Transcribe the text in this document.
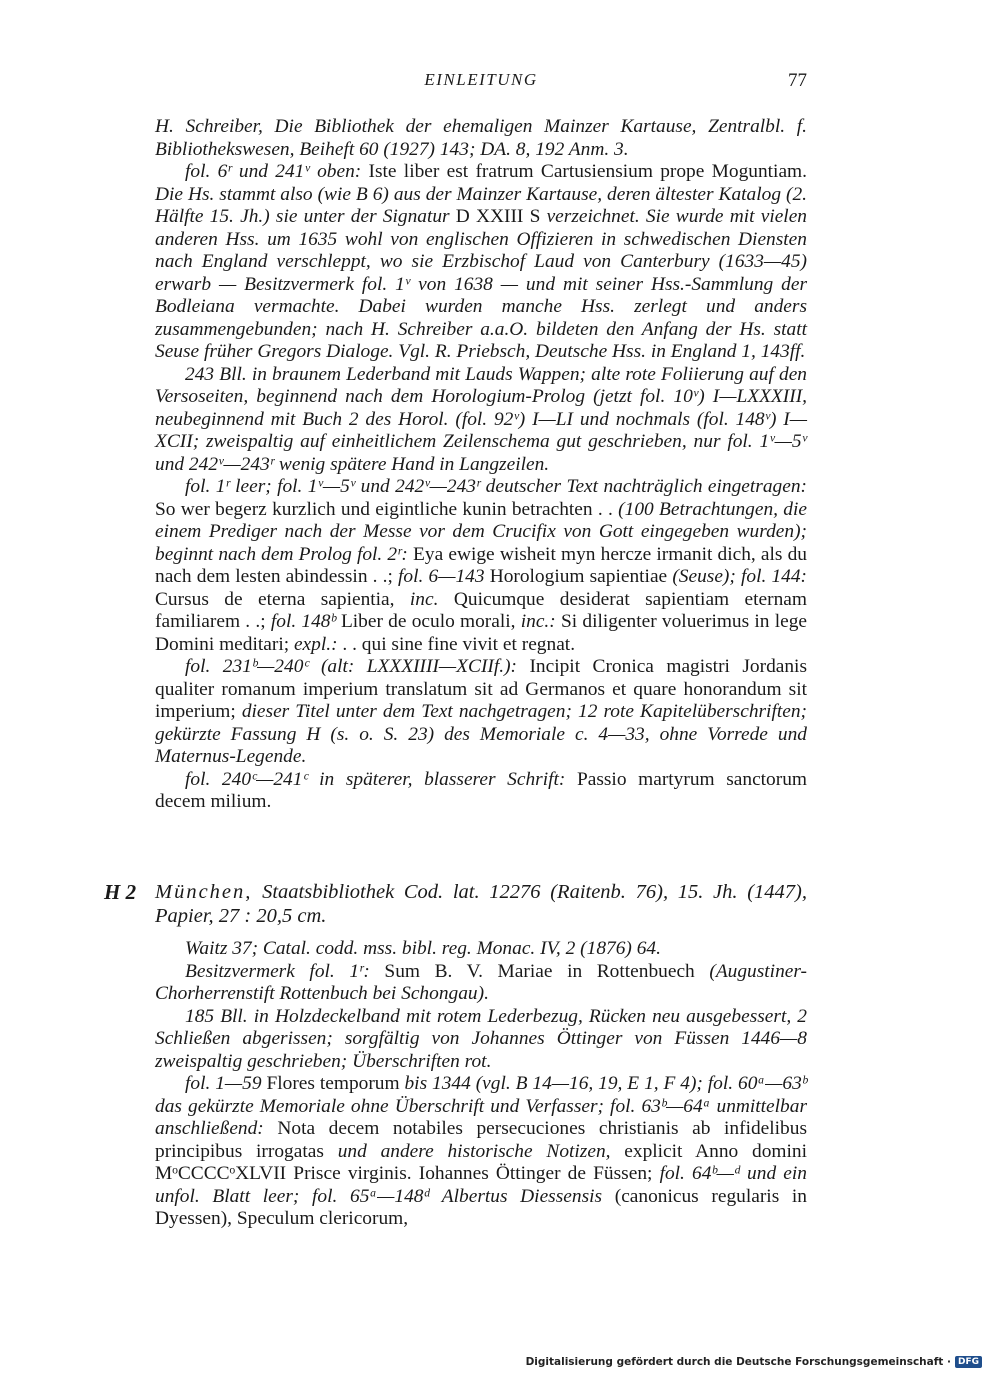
EINLEITUNG	77

H. Schreiber, Die Bibliothek der ehemaligen Mainzer Kartause, Zentralbl. f. Bibliothekswesen, Beiheft 60 (1927) 143; DA. 8, 192 Anm. 3.

fol. 6ʳ und 241ᵛ oben: Iste liber est fratrum Cartusiensium prope Moguntiam. Die Hs. stammt also (wie B 6) aus der Mainzer Kartause, deren ältester Katalog (2. Hälfte 15. Jh.) sie unter der Signatur D XXIII S verzeichnet. Sie wurde mit vielen anderen Hss. um 1635 wohl von englischen Offizieren in schwedischen Diensten nach England verschleppt, wo sie Erzbischof Laud von Canterbury (1633—45) erwarb — Besitzvermerk fol. 1ᵛ von 1638 — und mit seiner Hss.-Sammlung der Bodleiana vermachte. Dabei wurden manche Hss. zerlegt und anders zusammengebunden; nach H. Schreiber a.a.O. bildeten den Anfang der Hs. statt Seuse früher Gregors Dialoge. Vgl. R. Priebsch, Deutsche Hss. in England 1, 143ff.

243 Bll. in braunem Lederband mit Lauds Wappen; alte rote Foliierung auf den Versoseiten, beginnend nach dem Horologium-Prolog (jetzt fol. 10ᵛ) I—LXXXIII, neubeginnend mit Buch 2 des Horol. (fol. 92ᵛ) I—LI und nochmals (fol. 148ᵛ) I—XCII; zweispaltig auf einheitlichem Zeilenschema gut geschrieben, nur fol. 1ᵛ—5ᵛ und 242ᵛ—243ʳ wenig spätere Hand in Langzeilen.

fol. 1ʳ leer; fol. 1ᵛ—5ᵛ und 242ᵛ—243ʳ deutscher Text nachträglich eingetragen: So wer begerz kurzlich und eigintliche kunin betrachten . . (100 Betrachtungen, die einem Prediger nach der Messe vor dem Crucifix von Gott eingegeben wurden); beginnt nach dem Prolog fol. 2ʳ: Eya ewige wisheit myn hercze irmanit dich, als du nach dem lesten abindessin . .; fol. 6—143 Horologium sapientiae (Seuse); fol. 144: Cursus de eterna sapientia, inc. Quicumque desiderat sapientiam eternam familiarem . .; fol. 148ᵇ Liber de oculo morali, inc.: Si diligenter voluerimus in lege Domini meditari; expl.: . . qui sine fine vivit et regnat.

fol. 231ᵇ—240ᶜ (alt: LXXXIIII—XCIIf.): Incipit Cronica magistri Jordanis qualiter romanum imperium translatum sit ad Germanos et quare honorandum sit imperium; dieser Titel unter dem Text nachgetragen; 12 rote Kapitelüberschriften; gekürzte Fassung H (s. o. S. 23) des Memoriale c. 4—33, ohne Vorrede und Maternus-Legende.

fol. 240ᶜ—241ᶜ in späterer, blasserer Schrift: Passio martyrum sanctorum decem milium.

H 2 München, Staatsbibliothek Cod. lat. 12276 (Raitenb. 76), 15. Jh. (1447), Papier, 27 : 20,5 cm.

Waitz 37; Catal. codd. mss. bibl. reg. Monac. IV, 2 (1876) 64.

Besitzvermerk fol. 1ʳ: Sum B. V. Mariae in Rottenbuech (Augustiner-Chorherrenstift Rottenbuch bei Schongau).

185 Bll. in Holzdeckelband mit rotem Lederbezug, Rücken neu ausgebessert, 2 Schließen abgerissen; sorgfältig von Johannes Öttinger von Füssen 1446—8 zweispaltig geschrieben; Überschriften rot.

fol. 1—59 Flores temporum bis 1344 (vgl. B 14—16, 19, E 1, F 4); fol. 60ᵃ—63ᵇ das gekürzte Memoriale ohne Überschrift und Verfasser; fol. 63ᵇ—64ᵃ unmittelbar anschließend: Nota decem notabiles persecuciones christianis ab infidelibus principibus irrogatas und andere historische Notizen, explicit Anno domini MᵒCCCCᵒXLVII Prisce virginis. Iohannes Öttinger de Füssen; fol. 64ᵇ—ᵈ und ein unfol. Blatt leer; fol. 65ᵃ—148ᵈ Albertus Diessensis (canonicus regularis in Dyessen), Speculum clericorum,

Digitalisierung gefördert durch die Deutsche Forschungsgemeinschaft · DFG
